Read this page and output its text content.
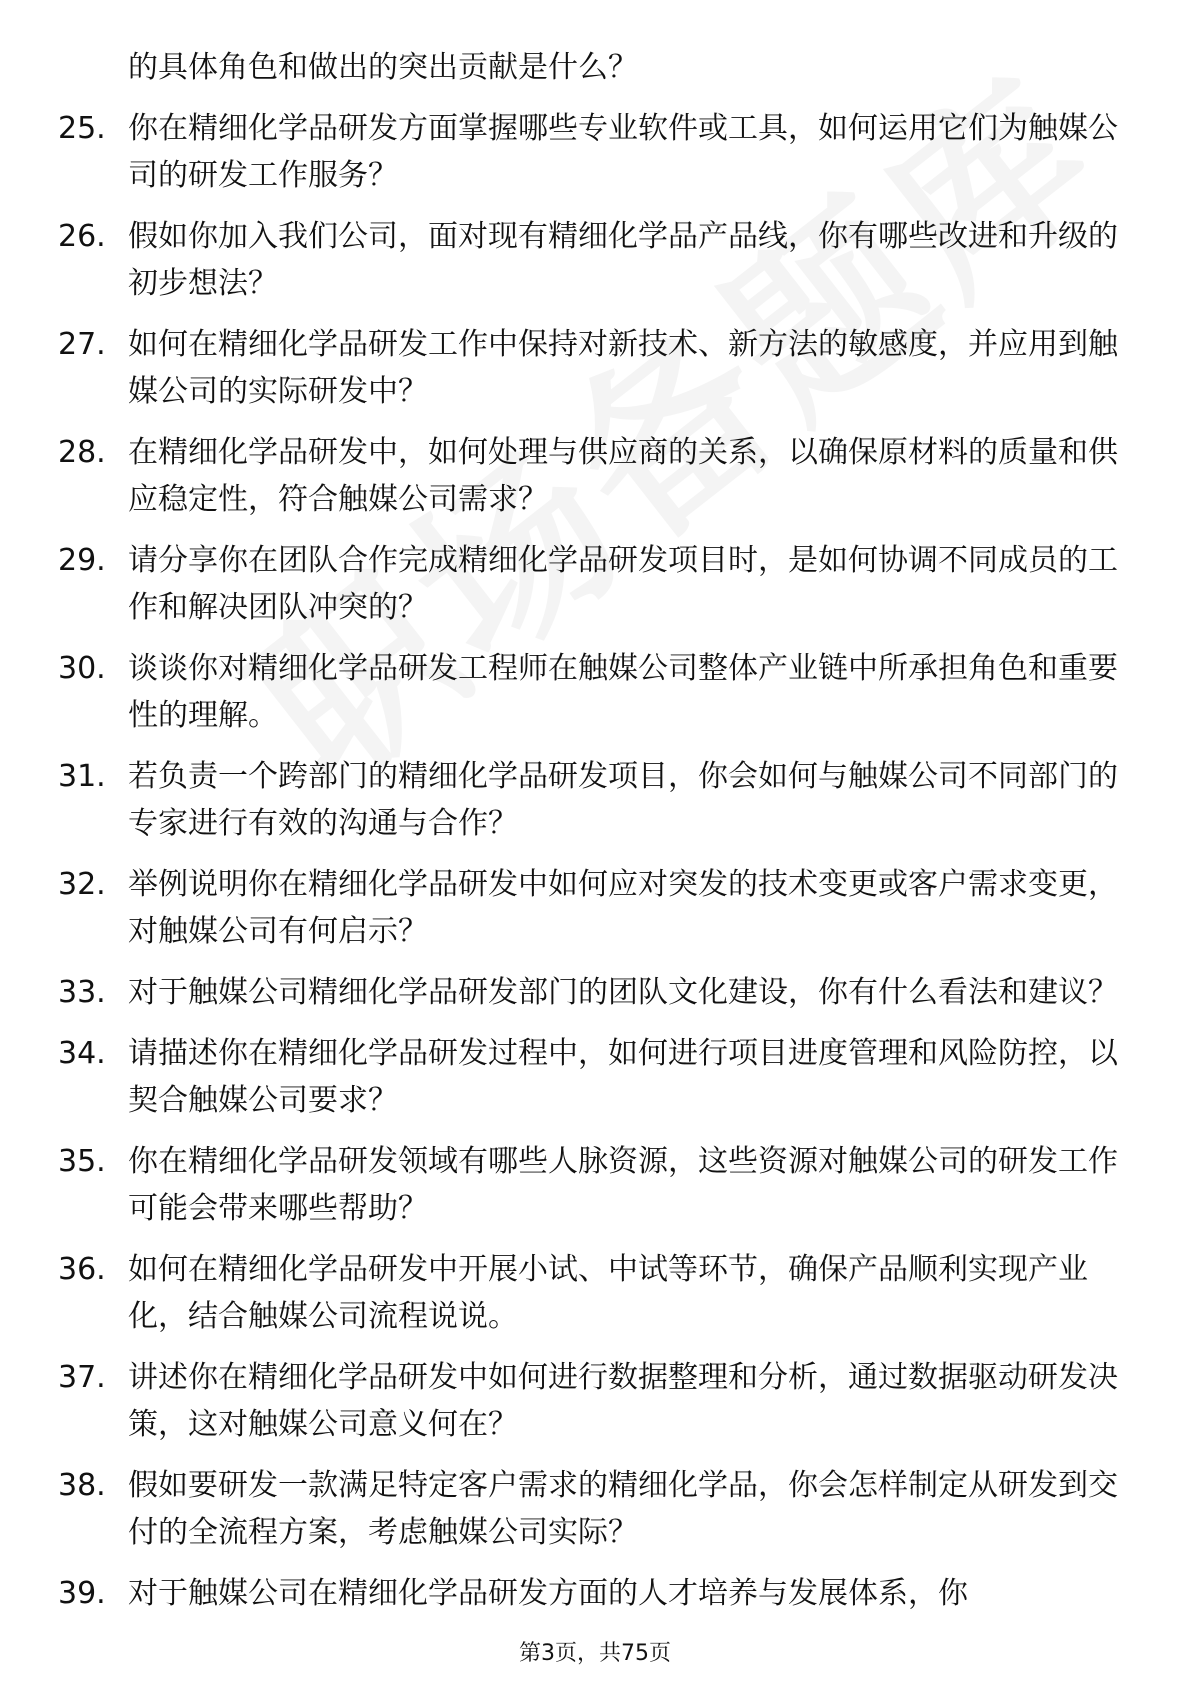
的具体角色和做出的突出贡献是什么？
25. 你在精细化学品研发方面掌握哪些专业软件或工具，如何运用它们为触媒公司的研发工作服务？
26. 假如你加入我们公司，面对现有精细化学品产品线，你有哪些改进和升级的初步想法？
27. 如何在精细化学品研发工作中保持对新技术、新方法的敏感度，并应用到触媒公司的实际研发中？
28. 在精细化学品研发中，如何处理与供应商的关系，以确保原材料的质量和供应稳定性，符合触媒公司需求？
29. 请分享你在团队合作完成精细化学品研发项目时，是如何协调不同成员的工作和解决团队冲突的？
30. 谈谈你对精细化学品研发工程师在触媒公司整体产业链中所承担角色和重要性的理解。
31. 若负责一个跨部门的精细化学品研发项目，你会如何与触媒公司不同部门的专家进行有效的沟通与合作？
32. 举例说明你在精细化学品研发中如何应对突发的技术变更或客户需求变更，对触媒公司有何启示？
33. 对于触媒公司精细化学品研发部门的团队文化建设，你有什么看法和建议？
34. 请描述你在精细化学品研发过程中，如何进行项目进度管理和风险防控，以契合触媒公司要求？
35. 你在精细化学品研发领域有哪些人脉资源，这些资源对触媒公司的研发工作可能会带来哪些帮助？
36. 如何在精细化学品研发中开展小试、中试等环节，确保产品顺利实现产业化，结合触媒公司流程说说。
37. 讲述你在精细化学品研发中如何进行数据整理和分析，通过数据驱动研发决策，这对触媒公司意义何在？
38. 假如要研发一款满足特定客户需求的精细化学品，你会怎样制定从研发到交付的全流程方案，考虑触媒公司实际？
39. 对于触媒公司在精细化学品研发方面的人才培养与发展体系，你
第3页，共75页
